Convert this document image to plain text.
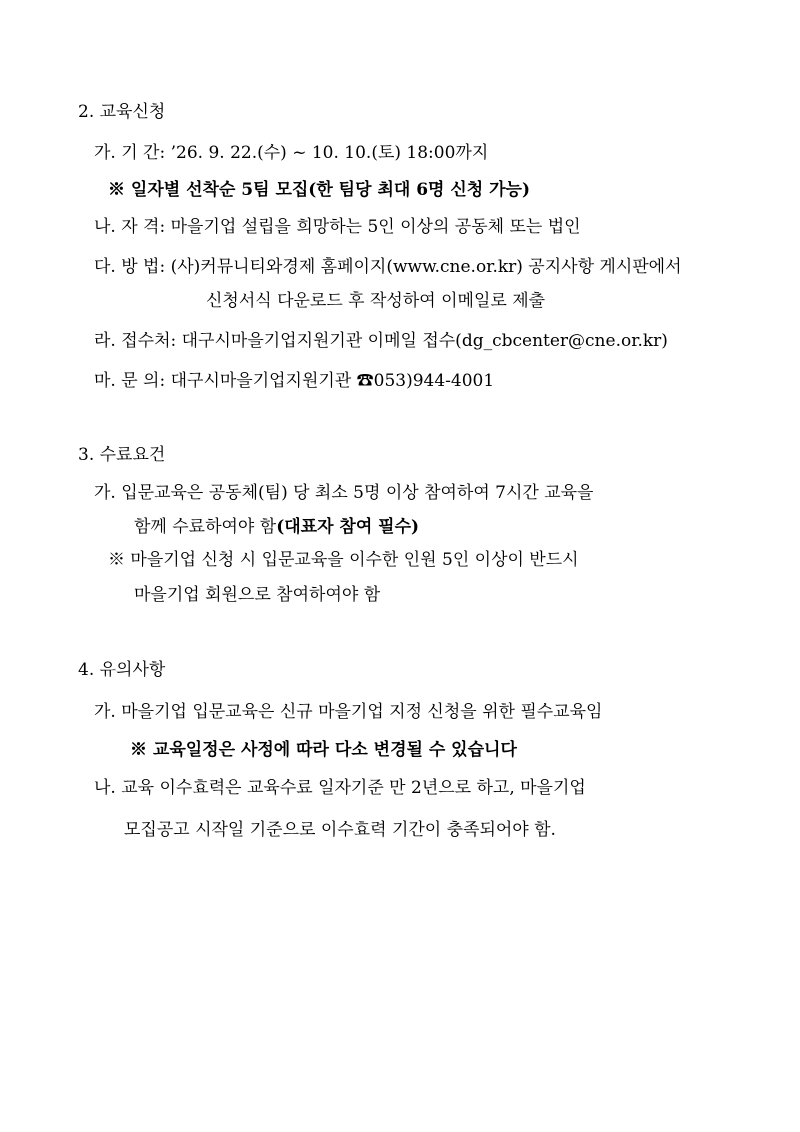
2. 교육신청
가. 기 간: ’26. 9. 22.(수) ~ 10. 10.(토) 18:00까지
※ 일자별 선착순 5팀 모집(한 팀당 최대 6명 신청 가능)
나. 자 격: 마을기업 설립을 희망하는 5인 이상의 공동체 또는 법인
다. 방 법: (사)커뮤니티와경제 홈페이지(www.cne.or.kr) 공지사항 게시판에서
신청서식 다운로드 후 작성하여 이메일로 제출
라. 접수처: 대구시마을기업지원기관 이메일 접수(dg_cbcenter@cne.or.kr)
마. 문 의: 대구시마을기업지원기관 ☎053)944-4001
3. 수료요건
가. 입문교육은 공동체(팀) 당 최소 5명 이상 참여하여 7시간 교육을
함께 수료하여야 함(대표자 참여 필수)
※ 마을기업 신청 시 입문교육을 이수한 인원 5인 이상이 반드시
마을기업 회원으로 참여하여야 함
4. 유의사항
가. 마을기업 입문교육은 신규 마을기업 지정 신청을 위한 필수교육임
※ 교육일정은 사정에 따라 다소 변경될 수 있습니다
나. 교육 이수효력은 교육수료 일자기준 만 2년으로 하고, 마을기업
모집공고 시작일 기준으로 이수효력 기간이 충족되어야 함.
